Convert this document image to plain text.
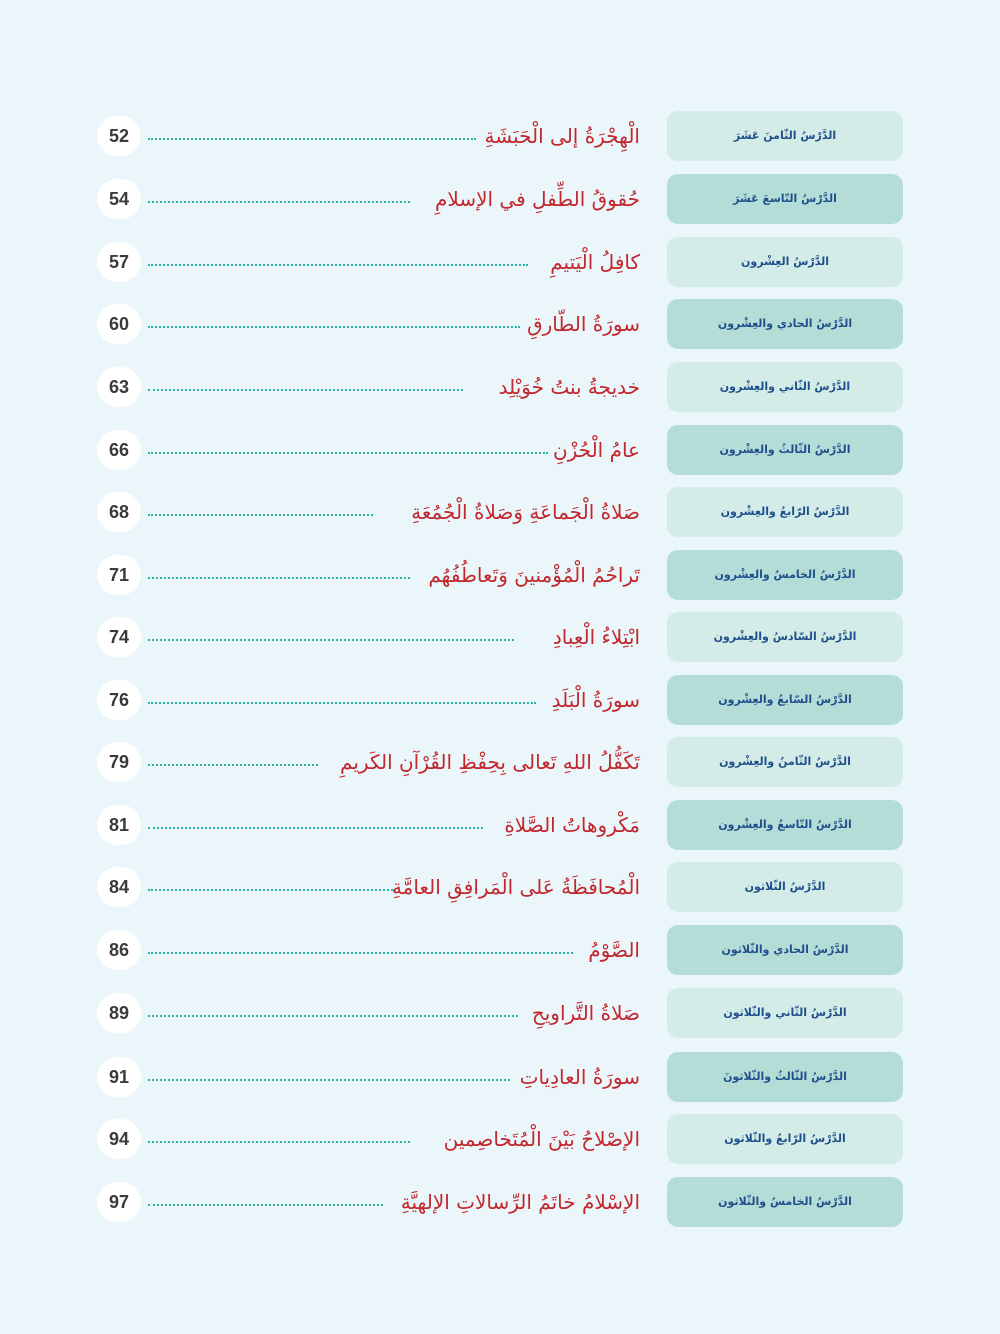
52	الْهِجْرَةُ إلى الْحَبَشَةِ	الدَّرْسُ الثّامنَ عَشَرَ
54	حُقوقُ الطِّفلِ في الإسلامِ	الدَّرْسُ التّاسعَ عَشَرَ
57	كافِلُ الْيَتيمِ	الدَّرْسُ العِشْرون
60	سورَةُ الطّارقِ	الدَّرْسُ الحادي والعِشْرون
63	خديجةُ بنتُ خُوَيْلِد	الدَّرْسُ الثّاني والعِشْرون
66	عامُ الْحُزْنِ	الدَّرْسُ الثّالثُ والعِشْرون
68	صَلاةُ الْجَماعَةِ وَصَلاةُ الْجُمُعَةِ	الدَّرْسُ الرّابعُ والعِشْرون
71	تَراحُمُ الْمُؤْمنينَ وَتَعاطُفُهُم	الدَّرْسُ الخامسُ والعِشْرون
74	ابْتِلاءُ الْعِبادِ	الدَّرْسُ السّادسُ والعِشْرون
76	سورَةُ الْبَلَدِ	الدَّرْسُ السّابعُ والعِشْرون
79	تَكَفُّلُ اللهِ تَعالى بِحِفْظِ القُرْآنِ الكَريمِ	الدَّرْسُ الثّامنُ والعِشْرون
81	مَكْروهاتُ الصَّلاةِ	الدَّرْسُ التّاسعُ والعِشْرون
84	الْمُحافَظَةُ عَلى الْمَرافِقِ العامَّةِ	الدَّرْسُ الثّلاثون
86	الصَّوْمُ	الدَّرْسُ الحادي والثّلاثون
89	صَلاةُ التَّراويحِ	الدَّرْسُ الثّاني والثّلاثون
91	سورَةُ العادِياتِ	الدَّرْسُ الثّالثُ والثّلاثونَ
94	الإصْلاحُ بَيْنَ الْمُتَخاصِمين	الدَّرْسُ الرّابعُ والثّلاثون
97	الإسْلامُ خاتَمُ الرِّسالاتِ الإلهيَّةِ	الدَّرْسُ الخامسُ والثّلاثون
